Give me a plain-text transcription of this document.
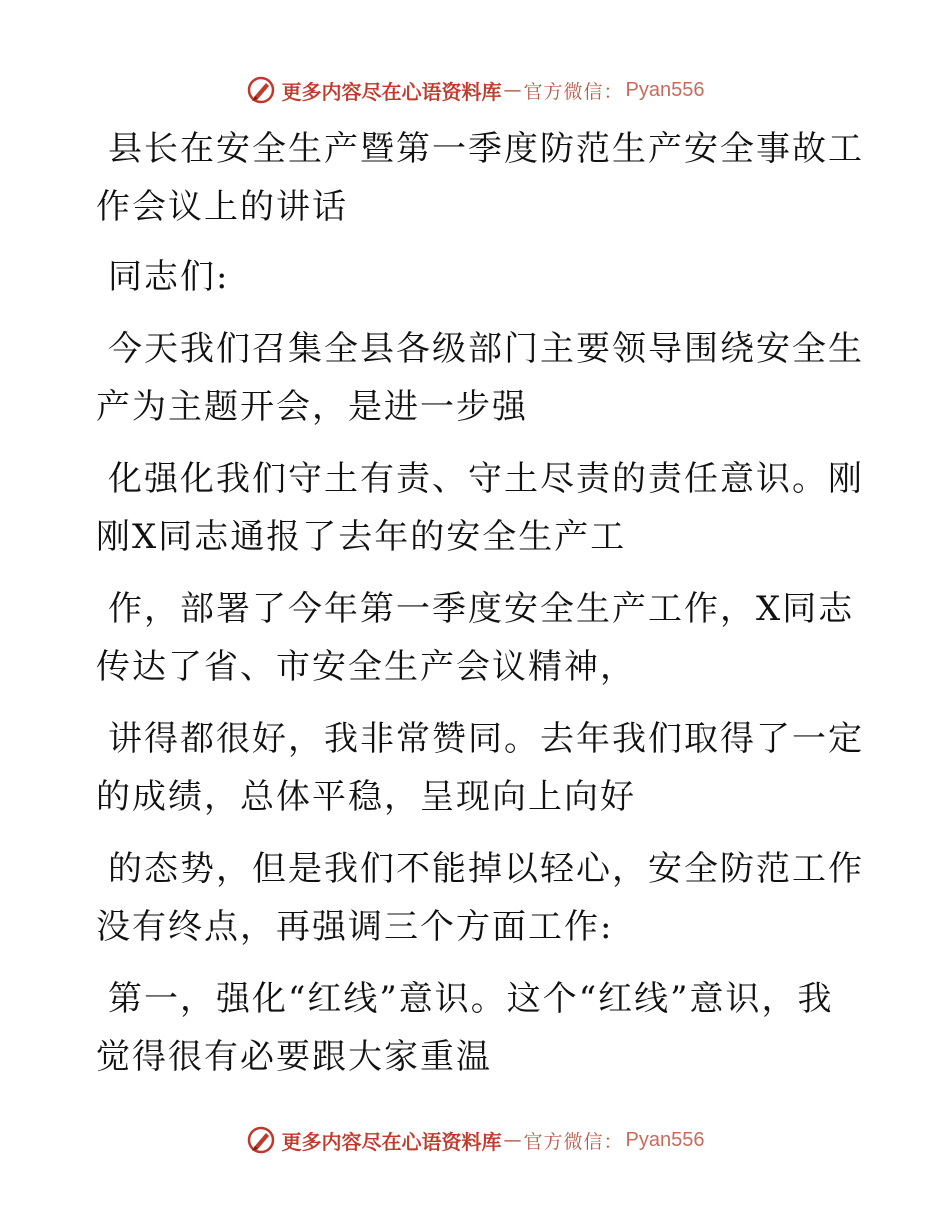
更多内容尽在心语资料库 — 官方微信： Pyan556

县长在安全生产暨第一季度防范生产安全事故工作会议上的讲话

同志们:

今天我们召集全县各级部门主要领导围绕安全生产为主题开会，是进一步强

化强化我们守土有责、守土尽责的责任意识。刚刚X同志通报了去年的安全生产工

作，部署了今年第一季度安全生产工作，X同志传达了省、市安全生产会议精神，

讲得都很好，我非常赞同。去年我们取得了一定的成绩，总体平稳，呈现向上向好

的态势，但是我们不能掉以轻心，安全防范工作没有终点，再强调三个方面工作:

第一，强化“红线”意识。这个“红线”意识，我觉得很有必要跟大家重温

更多内容尽在心语资料库 — 官方微信： Pyan556
